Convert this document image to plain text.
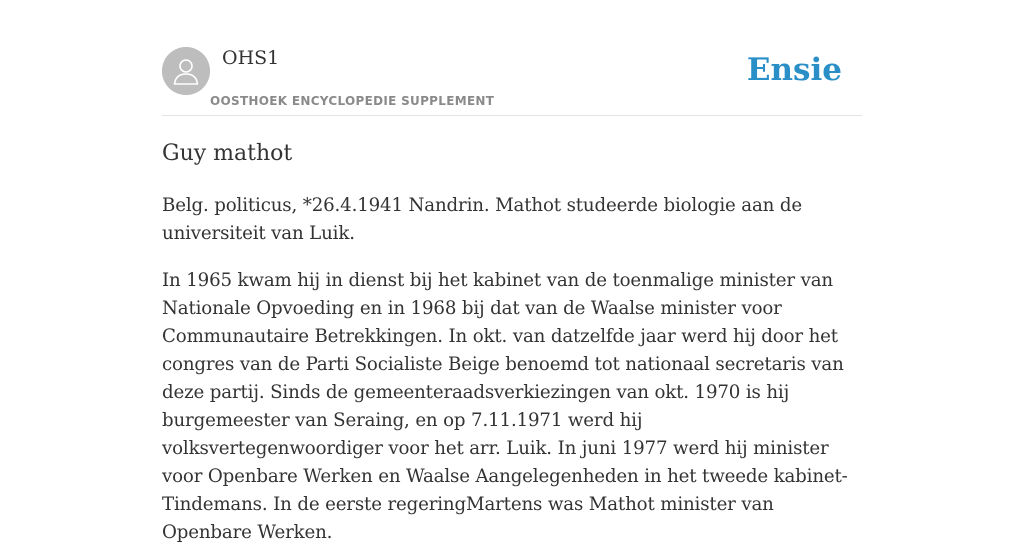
OHS1
OOSTHOEK ENCYCLOPEDIE SUPPLEMENT
Ensie
Guy mathot

Belg. politicus, *26.4.1941 Nandrin. Mathot studeerde biologie aan de universiteit van Luik.

In 1965 kwam hij in dienst bij het kabinet van de toenmalige minister van Nationale Opvoeding en in 1968 bij dat van de Waalse minister voor Communautaire Betrekkingen. In okt. van datzelfde jaar werd hij door het congres van de Parti Socialiste Beige benoemd tot nationaal secretaris van deze partij. Sinds de gemeenteraadsverkiezingen van okt. 1970 is hij burgemeester van Seraing, en op 7.11.1971 werd hij volksvertegenwoordiger voor het arr. Luik. In juni 1977 werd hij minister voor Openbare Werken en Waalse Aangelegenheden in het tweede kabinet-Tindemans. In de eerste regeringMartens was Mathot minister van Openbare Werken.
